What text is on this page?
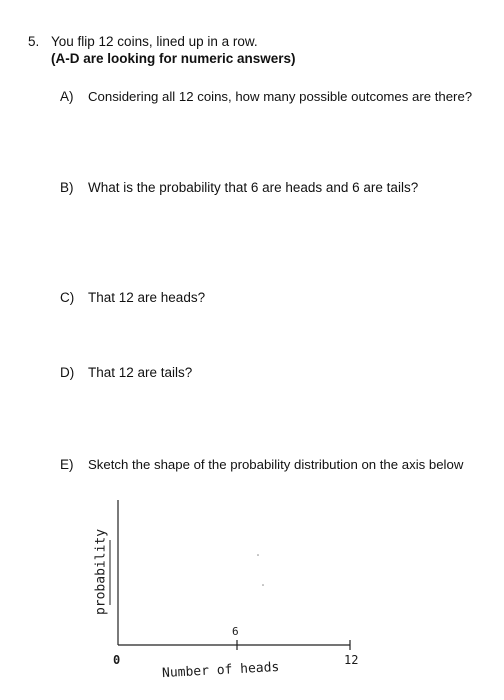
5. You flip 12 coins, lined up in a row.
(A-D are looking for numeric answers)
A) Considering all 12 coins, how many possible outcomes are there?
B) What is the probability that 6 are heads and 6 are tails?
C) That 12 are heads?
D) That 12 are tails?
E) Sketch the shape of the probability distribution on the axis below
probability
0
6
12
Number of heads
